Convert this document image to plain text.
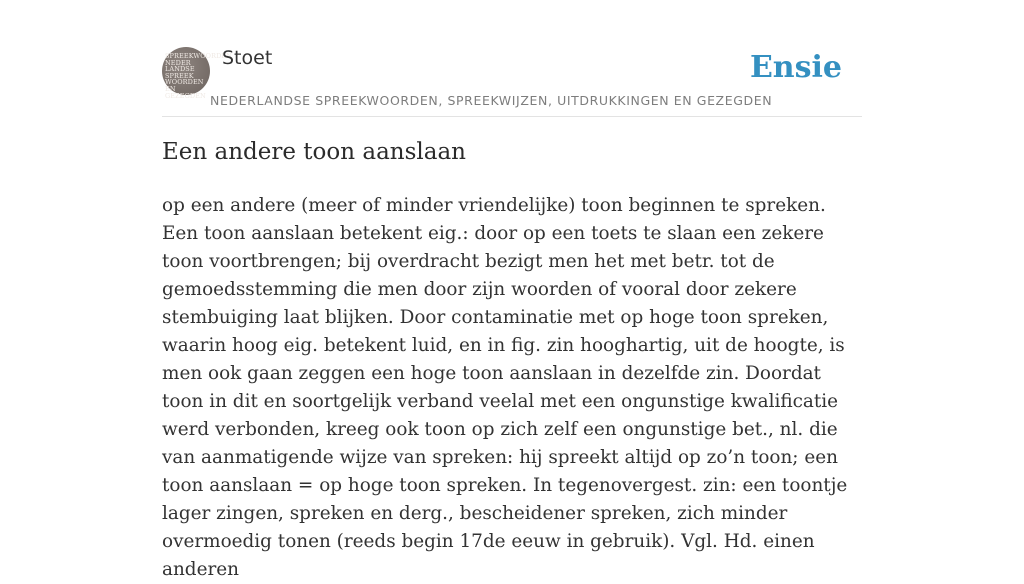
SPREEKWOORDEN
NEDER
LANDSE
SPREEK
WOORDEN EN
GEZEGDEN
Stoet
NEDERLANDSE SPREEKWOORDEN, SPREEKWIJZEN, UITDRUKKINGEN EN GEZEGDEN
Ensie
Een andere toon aanslaan

op een andere (meer of minder vriendelijke) toon beginnen te spreken. Een toon aanslaan betekent eig.: door op een toets te slaan een zekere toon voortbrengen; bij overdracht bezigt men het met betr. tot de gemoedsstemming die men door zijn woorden of vooral door zekere stembuiging laat blijken. Door contaminatie met op hoge toon spreken, waarin hoog eig. betekent luid, en in fig. zin hooghartig, uit de hoogte, is men ook gaan zeggen een hoge toon aanslaan in dezelfde zin. Doordat toon in dit en soortgelijk verband veelal met een ongunstige kwalificatie werd verbonden, kreeg ook toon op zich zelf een ongunstige bet., nl. die van aanmatigende wijze van spreken: hij spreekt altijd op zo’n toon; een toon aanslaan = op hoge toon spreken. In tegenovergest. zin: een toontje lager zingen, spreken en derg., bescheidener spreken, zich minder overmoedig tonen (reeds begin 17de eeuw in gebruik). Vgl. Hd. einen anderen
